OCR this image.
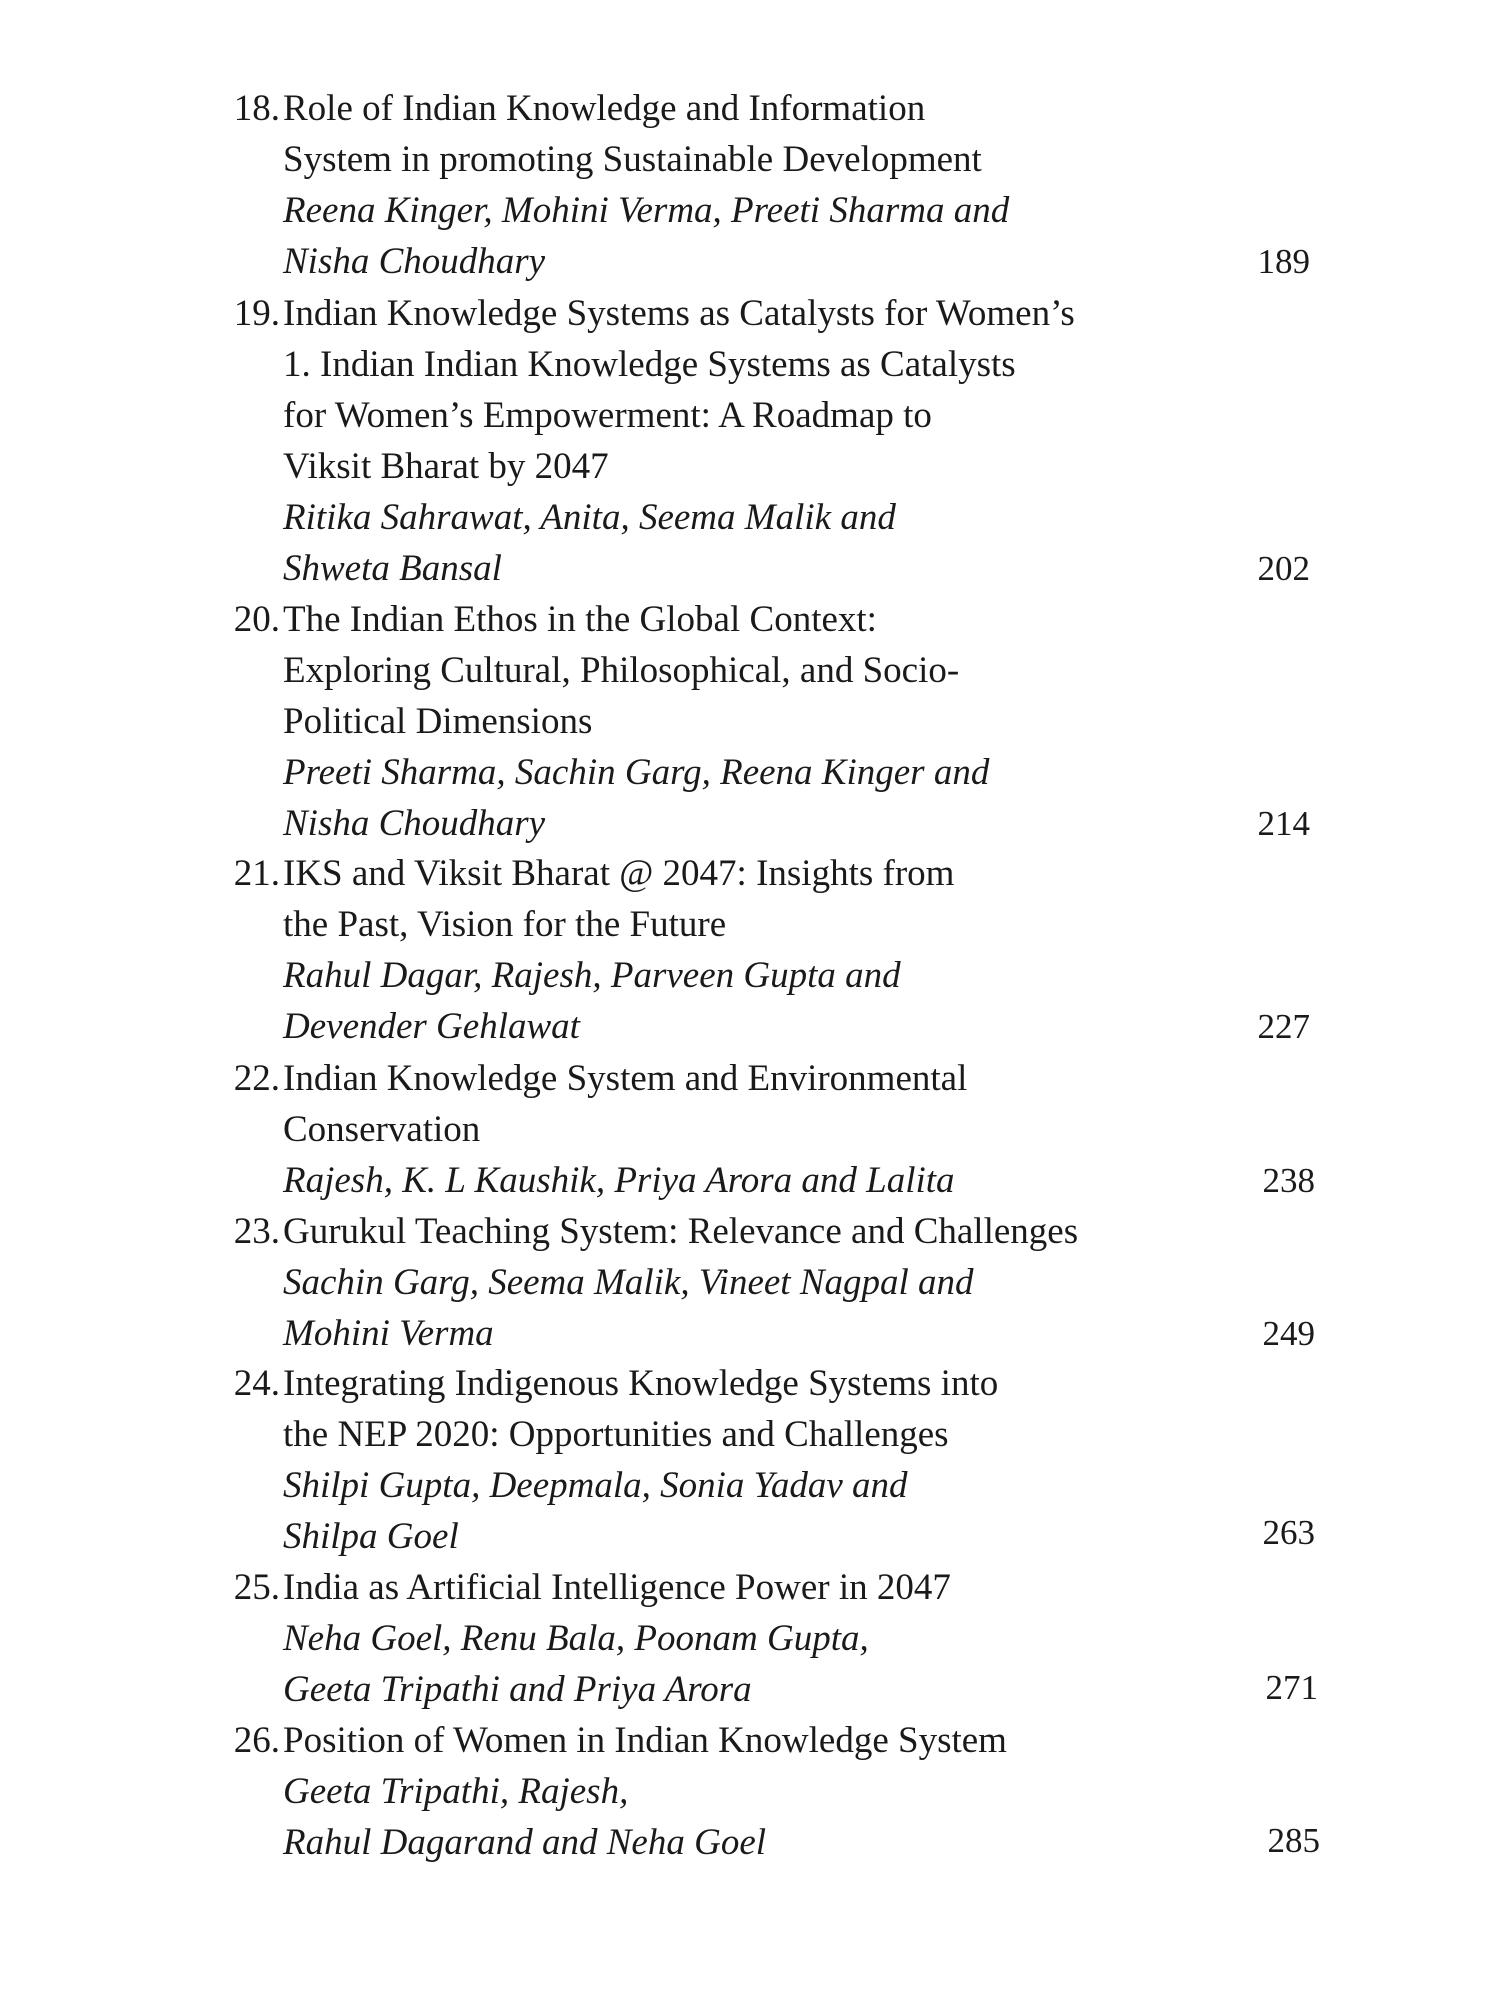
18. Role of Indian Knowledge and Information
System in promoting Sustainable Development
Reena Kinger, Mohini Verma, Preeti Sharma and
Nisha Choudhary	189
19. Indian Knowledge Systems as Catalysts for Women’s
1. Indian Indian Knowledge Systems as Catalysts
for Women’s Empowerment: A Roadmap to
Viksit Bharat by 2047
Ritika Sahrawat, Anita, Seema Malik and
Shweta Bansal	202
20. The Indian Ethos in the Global Context:
Exploring Cultural, Philosophical, and Socio-
Political Dimensions
Preeti Sharma, Sachin Garg, Reena Kinger and
Nisha Choudhary	214
21. IKS and Viksit Bharat @ 2047: Insights from
the Past, Vision for the Future
Rahul Dagar, Rajesh, Parveen Gupta and
Devender Gehlawat	227
22. Indian Knowledge System and Environmental
Conservation
Rajesh, K. L Kaushik, Priya Arora and Lalita	238
23. Gurukul Teaching System: Relevance and Challenges
Sachin Garg, Seema Malik, Vineet Nagpal and
Mohini Verma	249
24. Integrating Indigenous Knowledge Systems into
the NEP 2020: Opportunities and Challenges
Shilpi Gupta, Deepmala, Sonia Yadav and
Shilpa Goel	263
25. India as Artificial Intelligence Power in 2047
Neha Goel, Renu Bala, Poonam Gupta,
Geeta Tripathi and Priya Arora	271
26. Position of Women in Indian Knowledge System
Geeta Tripathi, Rajesh,
Rahul Dagarand and Neha Goel	285
